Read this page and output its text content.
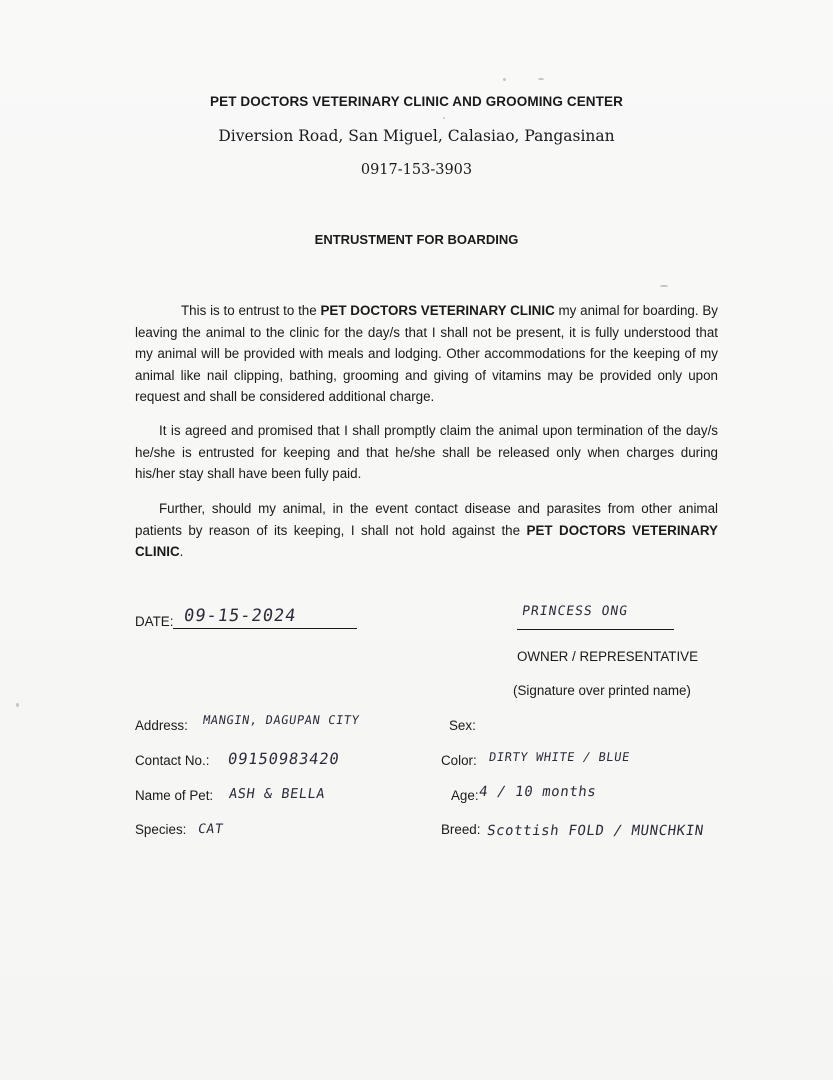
PET DOCTORS VETERINARY CLINIC AND GROOMING CENTER
Diversion Road, San Miguel, Calasiao, Pangasinan
0917-153-3903
ENTRUSTMENT FOR BOARDING

This is to entrust to the PET DOCTORS VETERINARY CLINIC my animal for boarding. By leaving the animal to the clinic for the day/s that I shall not be present, it is fully understood that my animal will be provided with meals and lodging. Other accommodations for the keeping of my animal like nail clipping, bathing, grooming and giving of vitamins may be provided only upon request and shall be considered additional charge.

It is agreed and promised that I shall promptly claim the animal upon termination of the day/s he/she is entrusted for keeping and that he/she shall be released only when charges during his/her stay shall have been fully paid.

Further, should my animal, in the event contact disease and parasites from other animal patients by reason of its keeping, I shall not hold against the PET DOCTORS VETERINARY CLINIC.

DATE: 09-15-2024	PRINCESS ONG
OWNER / REPRESENTATIVE
(Signature over printed name)
Address: MANGIN, DAGUPAN CITY
Contact No.: 09150983420
Name of Pet: ASH & BELLA
Species: CAT
Sex:
Color: DIRTY WHITE / BLUE
Age: 4 / 10 months
Breed: Scottish FOLD / MUNCHKIN
